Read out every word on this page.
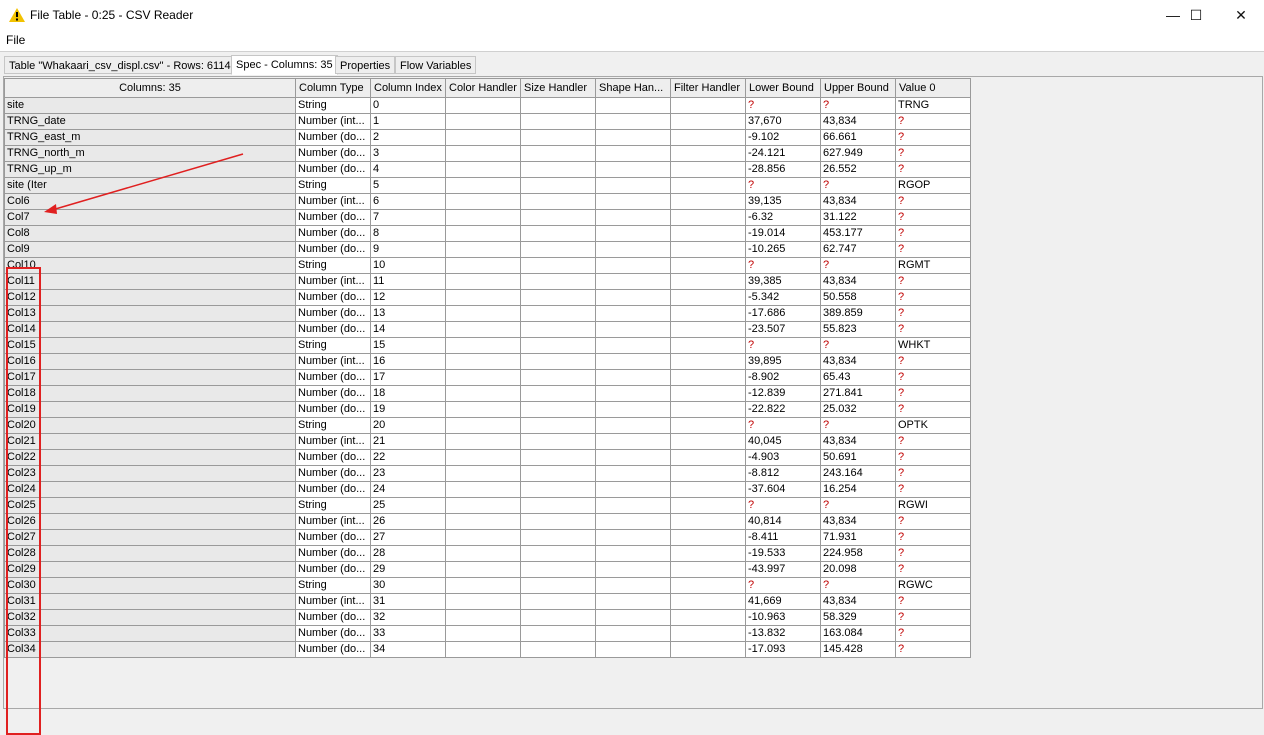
File Table - 0:25 - CSV Reader	— ☐	✕
File
Table "Whakaari_csv_displ.csv" - Rows: 6114 Spec - Columns: 35 Properties Flow Variables
Columns: 35	Column Type	Column Index	Color Handler	Size Handler	Shape Han...	Filter Handler	Lower Bound	Upper Bound	Value 0
site	String	0					?	?	TRNG
TRNG_date	Number (int...	1					37,670	43,834	?
TRNG_east_m	Number (do...	2					-9.102	66.661	?
TRNG_north_m	Number (do...	3					-24.121	627.949	?
TRNG_up_m	Number (do...	4					-28.856	26.552	?
site (Iter	String	5					?	?	RGOP
Col6	Number (int...	6					39,135	43,834	?
Col7	Number (do...	7					-6.32	31.122	?
Col8	Number (do...	8					-19.014	453.177	?
Col9	Number (do...	9					-10.265	62.747	?
Col10	String	10					?	?	RGMT
Col11	Number (int...	11					39,385	43,834	?
Col12	Number (do...	12					-5.342	50.558	?
Col13	Number (do...	13					-17.686	389.859	?
Col14	Number (do...	14					-23.507	55.823	?
Col15	String	15					?	?	WHKT
Col16	Number (int...	16					39,895	43,834	?
Col17	Number (do...	17					-8.902	65.43	?
Col18	Number (do...	18					-12.839	271.841	?
Col19	Number (do...	19					-22.822	25.032	?
Col20	String	20					?	?	OPTK
Col21	Number (int...	21					40,045	43,834	?
Col22	Number (do...	22					-4.903	50.691	?
Col23	Number (do...	23					-8.812	243.164	?
Col24	Number (do...	24					-37.604	16.254	?
Col25	String	25					?	?	RGWI
Col26	Number (int...	26					40,814	43,834	?
Col27	Number (do...	27					-8.411	71.931	?
Col28	Number (do...	28					-19.533	224.958	?
Col29	Number (do...	29					-43.997	20.098	?
Col30	String	30					?	?	RGWC
Col31	Number (int...	31					41,669	43,834	?
Col32	Number (do...	32					-10.963	58.329	?
Col33	Number (do...	33					-13.832	163.084	?
Col34	Number (do...	34					-17.093	145.428	?
